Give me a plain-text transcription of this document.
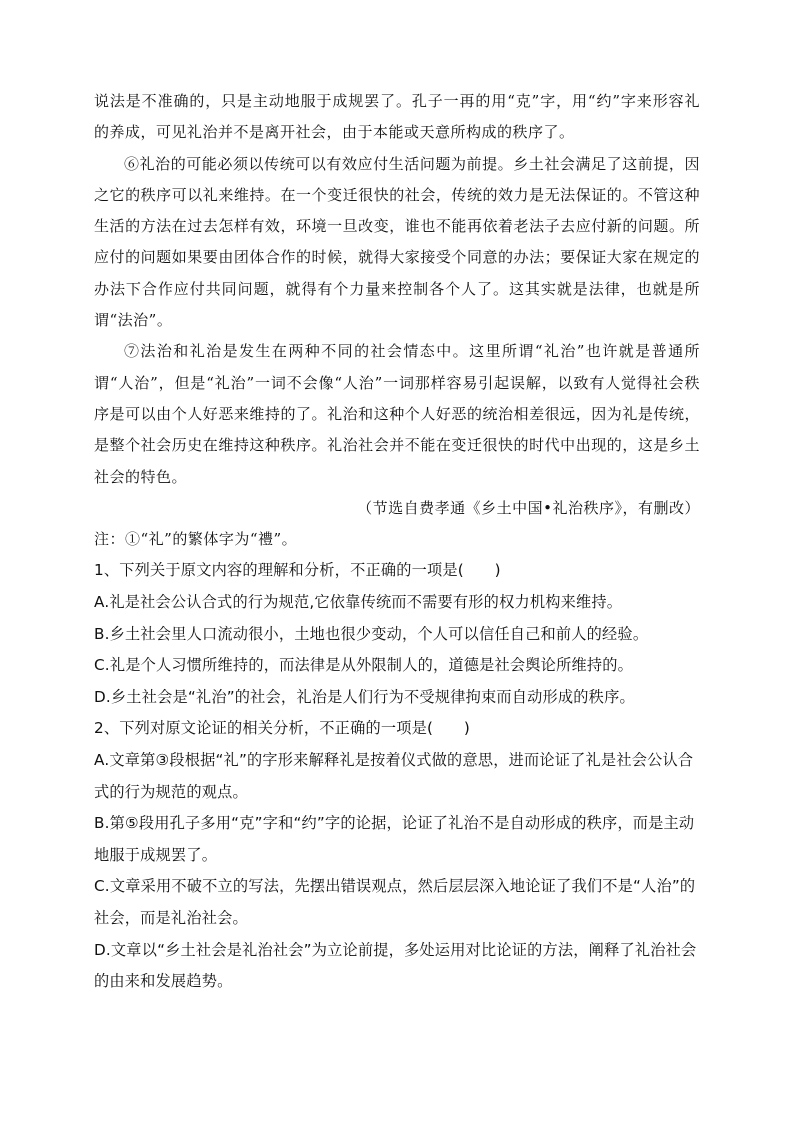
说法是不准确的，只是主动地服于成规罢了。孔子一再的用“克”字，用“约”字来形容礼的养成，可见礼治并不是离开社会，由于本能或天意所构成的秩序了。

⑥礼治的可能必须以传统可以有效应付生活问题为前提。乡土社会满足了这前提，因之它的秩序可以礼来维持。在一个变迁很快的社会，传统的效力是无法保证的。不管这种生活的方法在过去怎样有效，环境一旦改变，谁也不能再依着老法子去应付新的问题。所应付的问题如果要由团体合作的时候，就得大家接受个同意的办法；要保证大家在规定的办法下合作应付共同问题，就得有个力量来控制各个人了。这其实就是法律，也就是所谓“法治”。

⑦法治和礼治是发生在两种不同的社会情态中。这里所谓“礼治”也许就是普通所谓“人治”，但是“礼治”一词不会像“人治”一词那样容易引起误解，以致有人觉得社会秩序是可以由个人好恶来维持的了。礼治和这种个人好恶的统治相差很远，因为礼是传统，是整个社会历史在维持这种秩序。礼治社会并不能在变迁很快的时代中出现的，这是乡土社会的特色。

（节选自费孝通《乡土中国•礼治秩序》，有删改）

注：①“礼”的繁体字为“禮”。

1、下列关于原文内容的理解和分析，不正确的一项是(　　)

A.礼是社会公认合式的行为规范,它依靠传统而不需要有形的权力机构来维持。

B.乡土社会里人口流动很小，土地也很少变动，个人可以信任自己和前人的经验。

C.礼是个人习惯所维持的，而法律是从外限制人的，道德是社会舆论所维持的。

D.乡土社会是“礼治”的社会，礼治是人们行为不受规律拘束而自动形成的秩序。

2、下列对原文论证的相关分析，不正确的一项是(　　)

A.文章第③段根据“礼”的字形来解释礼是按着仪式做的意思，进而论证了礼是社会公认合式的行为规范的观点。

B.第⑤段用孔子多用“克”字和“约”字的论据，论证了礼治不是自动形成的秩序，而是主动地服于成规罢了。

C.文章采用不破不立的写法，先摆出错误观点，然后层层深入地论证了我们不是“人治”的社会，而是礼治社会。

D.文章以“乡土社会是礼治社会”为立论前提，多处运用对比论证的方法，阐释了礼治社会的由来和发展趋势。
